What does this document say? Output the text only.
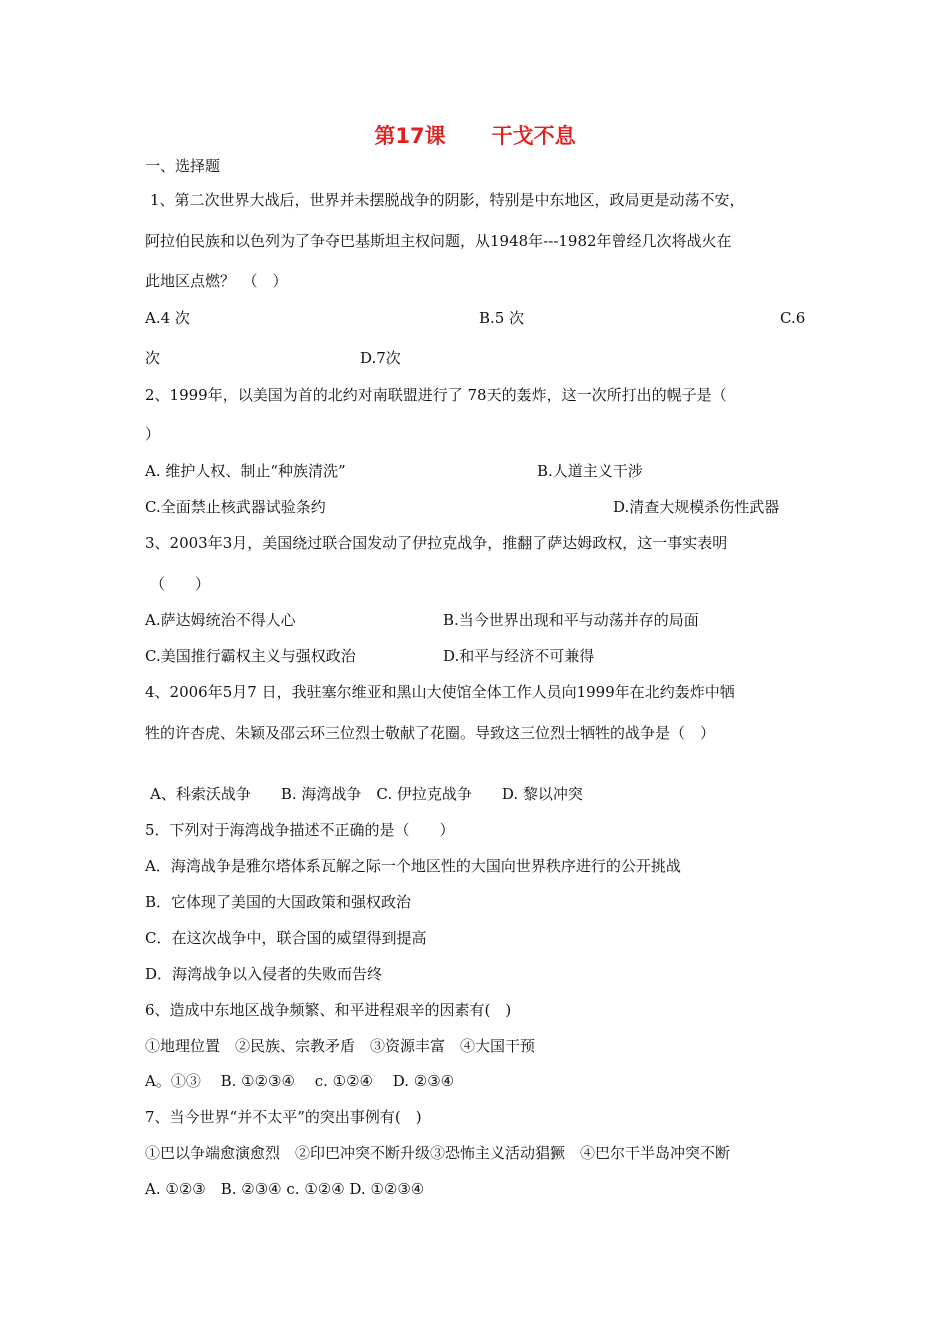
第17课 干戈不息
一、选择题
1、第二次世界大战后，世界并未摆脱战争的阴影，特别是中东地区，政局更是动荡不安，
阿拉伯民族和以色列为了争夺巴基斯坦主权问题，从1948年---1982年曾经几次将战火在
此地区点燃？　（　）
A.4 次	B.5 次	C.6
次	D.7次
2、1999年，以美国为首的北约对南联盟进行了 78天的轰炸，这一次所打出的幌子是（
）
A. 维护人权、制止“种族清洗”	B.人道主义干涉
C.全面禁止核武器试验条约	D.清查大规模杀伤性武器
3、2003年3月，美国绕过联合国发动了伊拉克战争，推翻了萨达姆政权，这一事实表明
（　　）
A.萨达姆统治不得人心	B.当今世界出现和平与动荡并存的局面
C.美国推行霸权主义与强权政治	D.和平与经济不可兼得
4、2006年5月7 日，我驻塞尔维亚和黑山大使馆全体工作人员向1999年在北约轰炸中牺
牲的许杏虎、朱颖及邵云环三位烈士敬献了花圈。导致这三位烈士牺牲的战争是（　）
A、科索沃战争　　B. 海湾战争　C. 伊拉克战争　　D. 黎以冲突
5．下列对于海湾战争描述不正确的是（　　）
A．海湾战争是雅尔塔体系瓦解之际一个地区性的大国向世界秩序进行的公开挑战
B．它体现了美国的大国政策和强权政治
C．在这次战争中，联合国的威望得到提高
D．海湾战争以入侵者的失败而告终
6、造成中东地区战争频繁、和平进程艰辛的因素有(　)
①地理位置　②民族、宗教矛盾　③资源丰富　④大国干预
A。①③　 B. ①②③④　 c. ①②④　 D. ②③④
7、当今世界“并不太平”的突出事例有(　)
①巴以争端愈演愈烈　②印巴冲突不断升级③恐怖主义活动猖獗　④巴尔干半岛冲突不断
A. ①②③　B. ②③④ c. ①②④ D. ①②③④
